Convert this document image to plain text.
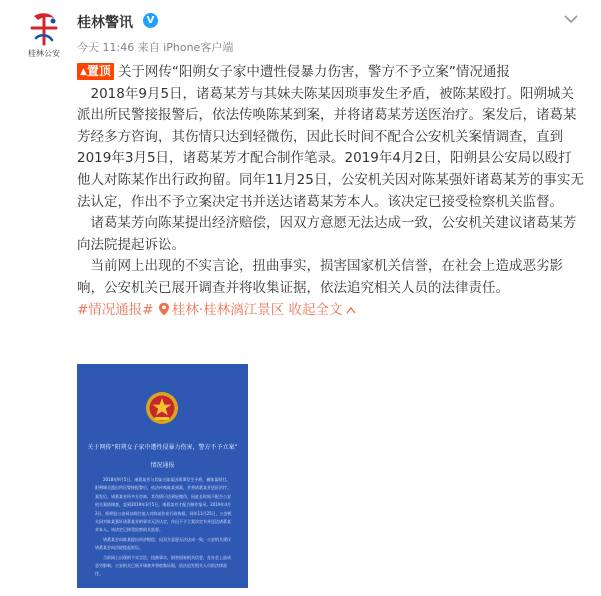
桂林公安
桂林警讯	V
今天 11:46 来自 iPhone客户端

▲置顶 关于网传“阳朔女子家中遭性侵暴力伤害，警方不予立案”情况通报

2018年9月5日，诸葛某芳与其妹夫陈某因琐事发生矛盾，被陈某殴打。阳朔城关派出所民警接报警后，依法传唤陈某到案，并将诸葛某芳送医治疗。案发后，诸葛某芳经多方咨询，其伤情只达到轻微伤，因此长时间不配合公安机关案情调查，直到2019年3月5日，诸葛某芳才配合制作笔录。2019年4月2日，阳朔县公安局以殴打他人对陈某作出行政拘留。同年11月25日，公安机关因对陈某强奸诸葛某芳的事实无法认定，作出不予立案决定书并送达诸葛某芳本人。该决定已接受检察机关监督。

诸葛某芳向陈某提出经济赔偿，因双方意愿无法达成一致，公安机关建议诸葛某芳向法院提起诉讼。

当前网上出现的不实言论，扭曲事实，损害国家机关信誉，在社会上造成恶劣影响，公安机关已展开调查并将收集证据，依法追究相关人员的法律责任。

#情况通报# 桂林·桂林漓江景区 收起全文

关于网传“阳朔女子家中遭性侵暴力伤害，警方不予立案”
情况通报

2018年9月5日，诸葛某芳与其妹夫陈某因琐事发生矛盾，被陈某殴打。阳朔城关派出所民警接报警后，依法传唤陈某到案，并将诸葛某芳送医治疗。案发后，诸葛某芳经多方咨询，其伤情只达到轻微伤，因此长时间不配合公安机关案情调查，直到2019年3月5日，诸葛某芳才配合制作笔录。2019年4月2日，阳朔县公安局以殴打他人对陈某作出行政拘留。同年11月25日，公安机关因对陈某强奸诸葛某芳的事实无法认定，作出不予立案决定书并送达诸葛某芳本人。该决定已接受检察机关监督。

诸葛某芳向陈某提出经济赔偿，因双方意愿无法达成一致，公安机关建议诸葛某芳向法院提起诉讼。

当前网上出现的不实言论，扭曲事实，损害国家机关信誉，在社会上造成恶劣影响，公安机关已展开调查并将收集证据，依法追究相关人员的法律责任。
